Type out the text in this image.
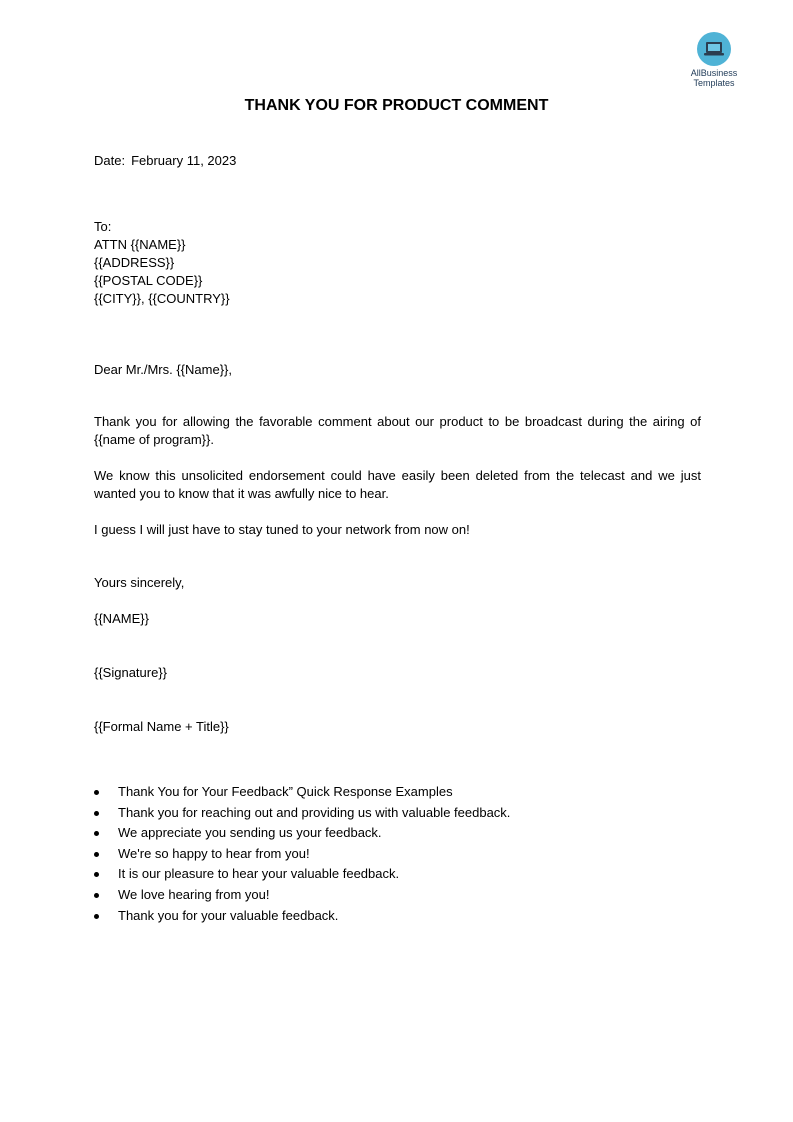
AllBusiness
Templates
THANK YOU FOR PRODUCT COMMENT
Date: February 11, 2023
To:
ATTN {{NAME}}
{{ADDRESS}}
{{POSTAL CODE}}
{{CITY}}, {{COUNTRY}}
Dear Mr./Mrs. {{Name}},

Thank you for allowing the favorable comment about our product to be broadcast during the airing of {{name of program}}.

We know this unsolicited endorsement could have easily been deleted from the telecast and we just wanted you to know that it was awfully nice to hear.

I guess I will just have to stay tuned to your network from now on!

Yours sincerely,
{{NAME}}
{{Signature}}
{{Formal Name + Title}}
Thank You for Your Feedback” Quick Response Examples
Thank you for reaching out and providing us with valuable feedback.
We appreciate you sending us your feedback.
We're so happy to hear from you!
It is our pleasure to hear your valuable feedback.
We love hearing from you!
Thank you for your valuable feedback.
